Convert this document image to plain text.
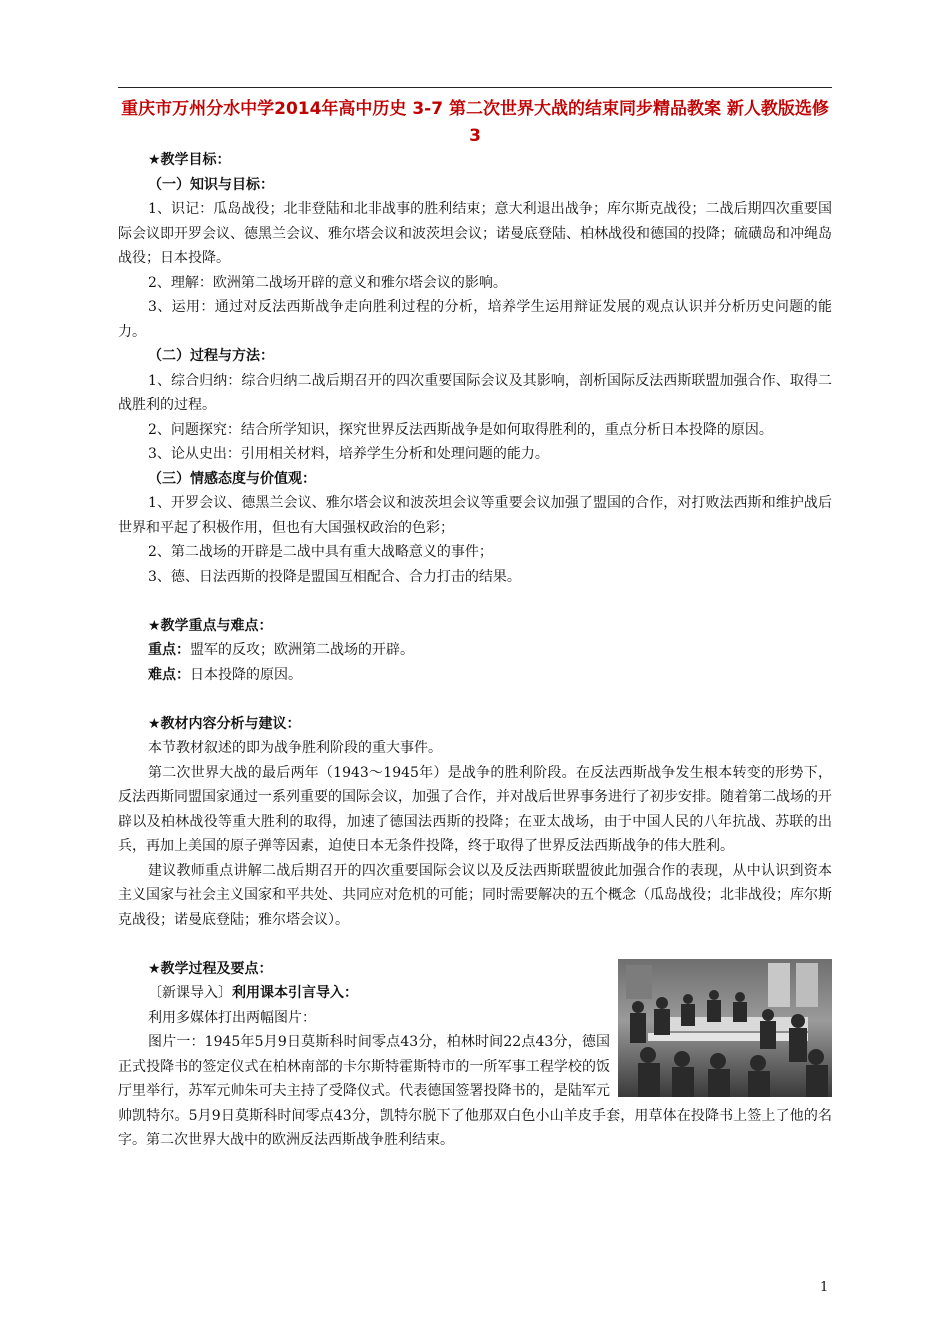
重庆市万州分水中学2014年高中历史 3-7 第二次世界大战的结束同步精品教案 新人教版选修3

★教学目标：

（一）知识与目标：

1、识记：瓜岛战役；北非登陆和北非战事的胜利结束；意大利退出战争；库尔斯克战役；二战后期四次重要国际会议即开罗会议、德黑兰会议、雅尔塔会议和波茨坦会议；诺曼底登陆、柏林战役和德国的投降；硫磺岛和冲绳岛战役；日本投降。

2、理解：欧洲第二战场开辟的意义和雅尔塔会议的影响。

3、运用：通过对反法西斯战争走向胜利过程的分析，培养学生运用辩证发展的观点认识并分析历史问题的能力。

（二）过程与方法：

1、综合归纳：综合归纳二战后期召开的四次重要国际会议及其影响，剖析国际反法西斯联盟加强合作、取得二战胜利的过程。

2、问题探究：结合所学知识，探究世界反法西斯战争是如何取得胜利的，重点分析日本投降的原因。

3、论从史出：引用相关材料，培养学生分析和处理问题的能力。

（三）情感态度与价值观：

1、开罗会议、德黑兰会议、雅尔塔会议和波茨坦会议等重要会议加强了盟国的合作，对打败法西斯和维护战后世界和平起了积极作用，但也有大国强权政治的色彩；

2、第二战场的开辟是二战中具有重大战略意义的事件；

3、德、日法西斯的投降是盟国互相配合、合力打击的结果。

★教学重点与难点：

重点：盟军的反攻；欧洲第二战场的开辟。

难点：日本投降的原因。

★教材内容分析与建议：

本节教材叙述的即为战争胜利阶段的重大事件。

第二次世界大战的最后两年（1943～1945年）是战争的胜利阶段。在反法西斯战争发生根本转变的形势下，反法西斯同盟国家通过一系列重要的国际会议，加强了合作，并对战后世界事务进行了初步安排。随着第二战场的开辟以及柏林战役等重大胜利的取得，加速了德国法西斯的投降；在亚太战场，由于中国人民的八年抗战、苏联的出兵，再加上美国的原子弹等因素，迫使日本无条件投降，终于取得了世界反法西斯战争的伟大胜利。

建议教师重点讲解二战后期召开的四次重要国际会议以及反法西斯联盟彼此加强合作的表现，从中认识到资本主义国家与社会主义国家和平共处、共同应对危机的可能；同时需要解决的五个概念（瓜岛战役；北非战役；库尔斯克战役；诺曼底登陆；雅尔塔会议）。

★教学过程及要点：

〔新课导入〕利用课本引言导入：

利用多媒体打出两幅图片：

图片一：1945年5月9日莫斯科时间零点43分，柏林时间22点43分，德国正式投降书的签定仪式在柏林南部的卡尔斯特霍斯特市的一所军事工程学校的饭厅里举行，苏军元帅朱可夫主持了受降仪式。代表德国签署投降书的，是陆军元帅凯特尔。5月9日莫斯科时间零点43分，凯特尔脱下了他那双白色小山羊皮手套，用草体在投降书上签上了他的名字。第二次世界大战中的欧洲反法西斯战争胜利结束。

1
